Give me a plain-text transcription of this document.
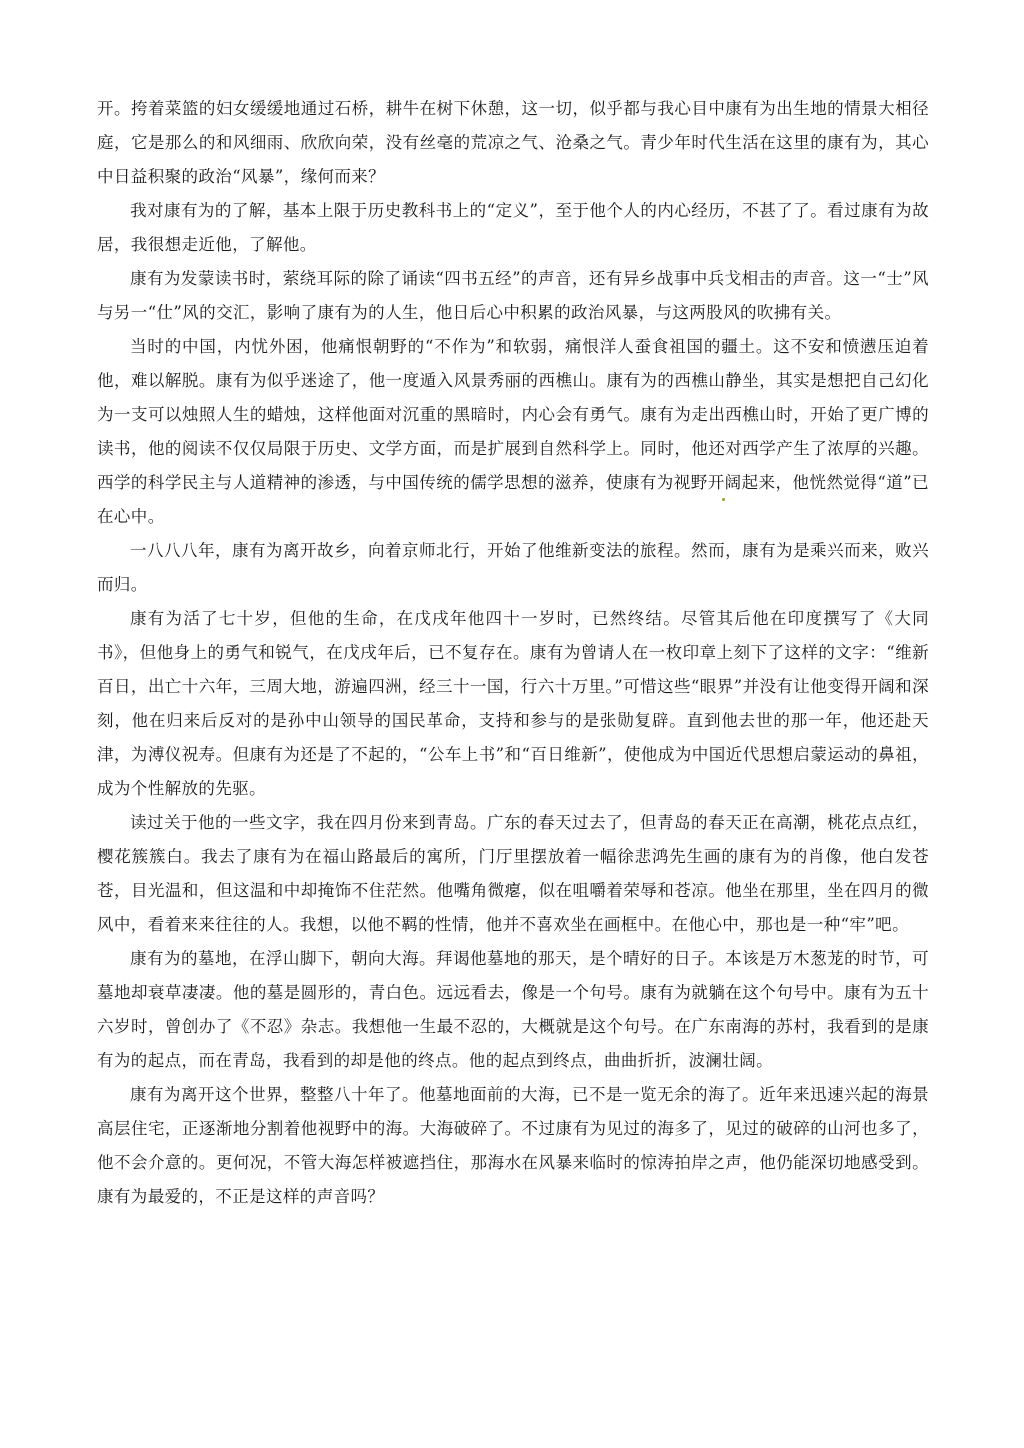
开。挎着菜篮的妇女缓缓地通过石桥，耕牛在树下休憩，这一切，似乎都与我心目中康有为出生地的情景大相径庭，它是那么的和风细雨、欣欣向荣，没有丝毫的荒凉之气、沧桑之气。青少年时代生活在这里的康有为，其心中日益积聚的政治“风暴”，缘何而来？

我对康有为的了解，基本上限于历史教科书上的“定义”，至于他个人的内心经历，不甚了了。看过康有为故居，我很想走近他，了解他。

康有为发蒙读书时，萦绕耳际的除了诵读“四书五经”的声音，还有异乡战事中兵戈相击的声音。这一“士”风与另一“仕”风的交汇，影响了康有为的人生，他日后心中积累的政治风暴，与这两股风的吹拂有关。

当时的中国，内忧外困，他痛恨朝野的“不作为”和软弱，痛恨洋人蚕食祖国的疆土。这不安和愤懑压迫着他，难以解脱。康有为似乎迷途了，他一度遁入风景秀丽的西樵山。康有为的西樵山静坐，其实是想把自己幻化为一支可以烛照人生的蜡烛，这样他面对沉重的黑暗时，内心会有勇气。康有为走出西樵山时，开始了更广博的读书，他的阅读不仅仅局限于历史、文学方面，而是扩展到自然科学上。同时，他还对西学产生了浓厚的兴趣。西学的科学民主与人道精神的渗透，与中国传统的儒学思想的滋养，使康有为视野开阔起来，他恍然觉得“道”已在心中。

一八八八年，康有为离开故乡，向着京师北行，开始了他维新变法的旅程。然而，康有为是乘兴而来，败兴而归。

康有为活了七十岁，但他的生命，在戊戌年他四十一岁时，已然终结。尽管其后他在印度撰写了《大同书》，但他身上的勇气和锐气，在戊戌年后，已不复存在。康有为曾请人在一枚印章上刻下了这样的文字：“维新百日，出亡十六年，三周大地，游遍四洲，经三十一国，行六十万里。”可惜这些“眼界”并没有让他变得开阔和深刻，他在归来后反对的是孙中山领导的国民革命，支持和参与的是张勋复辟。直到他去世的那一年，他还赴天津，为溥仪祝寿。但康有为还是了不起的，“公车上书”和“百日维新”，使他成为中国近代思想启蒙运动的鼻祖，成为个性解放的先驱。

读过关于他的一些文字，我在四月份来到青岛。广东的春天过去了，但青岛的春天正在高潮，桃花点点红，樱花簇簇白。我去了康有为在福山路最后的寓所，门厅里摆放着一幅徐悲鸿先生画的康有为的肖像，他白发苍苍，目光温和，但这温和中却掩饰不住茫然。他嘴角微瘪，似在咀嚼着荣辱和苍凉。他坐在那里，坐在四月的微风中，看着来来往往的人。我想，以他不羁的性情，他并不喜欢坐在画框中。在他心中，那也是一种“牢”吧。

康有为的墓地，在浮山脚下，朝向大海。拜谒他墓地的那天，是个晴好的日子。本该是万木葱茏的时节，可墓地却衰草凄凄。他的墓是圆形的，青白色。远远看去，像是一个句号。康有为就躺在这个句号中。康有为五十六岁时，曾创办了《不忍》杂志。我想他一生最不忍的，大概就是这个句号。在广东南海的苏村，我看到的是康有为的起点，而在青岛，我看到的却是他的终点。他的起点到终点，曲曲折折，波澜壮阔。

康有为离开这个世界，整整八十年了。他墓地面前的大海，已不是一览无余的海了。近年来迅速兴起的海景高层住宅，正逐渐地分割着他视野中的海。大海破碎了。不过康有为见过的海多了，见过的破碎的山河也多了，他不会介意的。更何况，不管大海怎样被遮挡住，那海水在风暴来临时的惊涛拍岸之声，他仍能深切地感受到。康有为最爱的，不正是这样的声音吗？
